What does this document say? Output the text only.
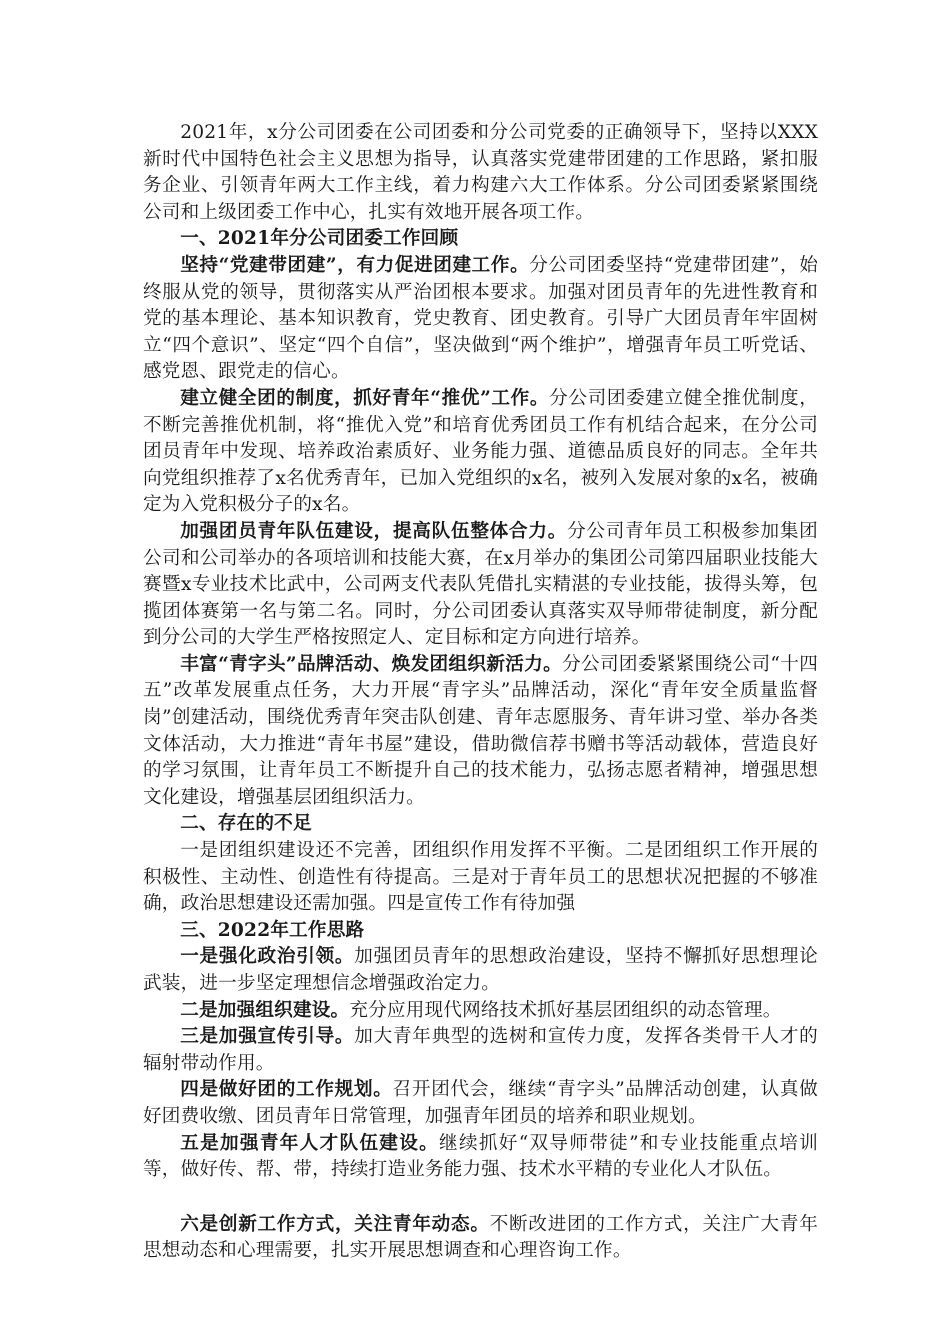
2021年，x分公司团委在公司团委和分公司党委的正确领导下，坚持以XXX新时代中国特色社会主义思想为指导，认真落实党建带团建的工作思路，紧扣服务企业、引领青年两大工作主线，着力构建六大工作体系。分公司团委紧紧围绕公司和上级团委工作中心，扎实有效地开展各项工作。

一、2021年分公司团委工作回顾

坚持“党建带团建”，有力促进团建工作。分公司团委坚持“党建带团建”，始终服从党的领导，贯彻落实从严治团根本要求。加强对团员青年的先进性教育和党的基本理论、基本知识教育，党史教育、团史教育。引导广大团员青年牢固树立“四个意识”、坚定“四个自信”，坚决做到“两个维护”，增强青年员工听党话、感党恩、跟党走的信心。

建立健全团的制度，抓好青年“推优”工作。分公司团委建立健全推优制度，不断完善推优机制，将“推优入党”和培育优秀团员工作有机结合起来，在分公司团员青年中发现、培养政治素质好、业务能力强、道德品质良好的同志。全年共向党组织推荐了x名优秀青年，已加入党组织的x名，被列入发展对象的x名，被确定为入党积极分子的x名。

加强团员青年队伍建设，提高队伍整体合力。分公司青年员工积极参加集团公司和公司举办的各项培训和技能大赛，在x月举办的集团公司第四届职业技能大赛暨x专业技术比武中，公司两支代表队凭借扎实精湛的专业技能，拔得头筹，包揽团体赛第一名与第二名。同时，分公司团委认真落实双导师带徒制度，新分配到分公司的大学生严格按照定人、定目标和定方向进行培养。

丰富“青字头”品牌活动、焕发团组织新活力。分公司团委紧紧围绕公司“十四五”改革发展重点任务，大力开展“青字头”品牌活动，深化“青年安全质量监督岗”创建活动，围绕优秀青年突击队创建、青年志愿服务、青年讲习堂、举办各类文体活动，大力推进“青年书屋”建设，借助微信荐书赠书等活动载体，营造良好的学习氛围，让青年员工不断提升自己的技术能力，弘扬志愿者精神，增强思想文化建设，增强基层团组织活力。

二、存在的不足

一是团组织建设还不完善，团组织作用发挥不平衡。二是团组织工作开展的积极性、主动性、创造性有待提高。三是对于青年员工的思想状况把握的不够准确，政治思想建设还需加强。四是宣传工作有待加强

三、2022年工作思路

一是强化政治引领。加强团员青年的思想政治建设，坚持不懈抓好思想理论武装，进一步坚定理想信念增强政治定力。

二是加强组织建设。充分应用现代网络技术抓好基层团组织的动态管理。

三是加强宣传引导。加大青年典型的选树和宣传力度，发挥各类骨干人才的辐射带动作用。

四是做好团的工作规划。召开团代会，继续“青字头”品牌活动创建，认真做好团费收缴、团员青年日常管理，加强青年团员的培养和职业规划。

五是加强青年人才队伍建设。继续抓好“双导师带徒”和专业技能重点培训等，做好传、帮、带，持续打造业务能力强、技术水平精的专业化人才队伍。

六是创新工作方式，关注青年动态。不断改进团的工作方式，关注广大青年思想动态和心理需要，扎实开展思想调查和心理咨询工作。
